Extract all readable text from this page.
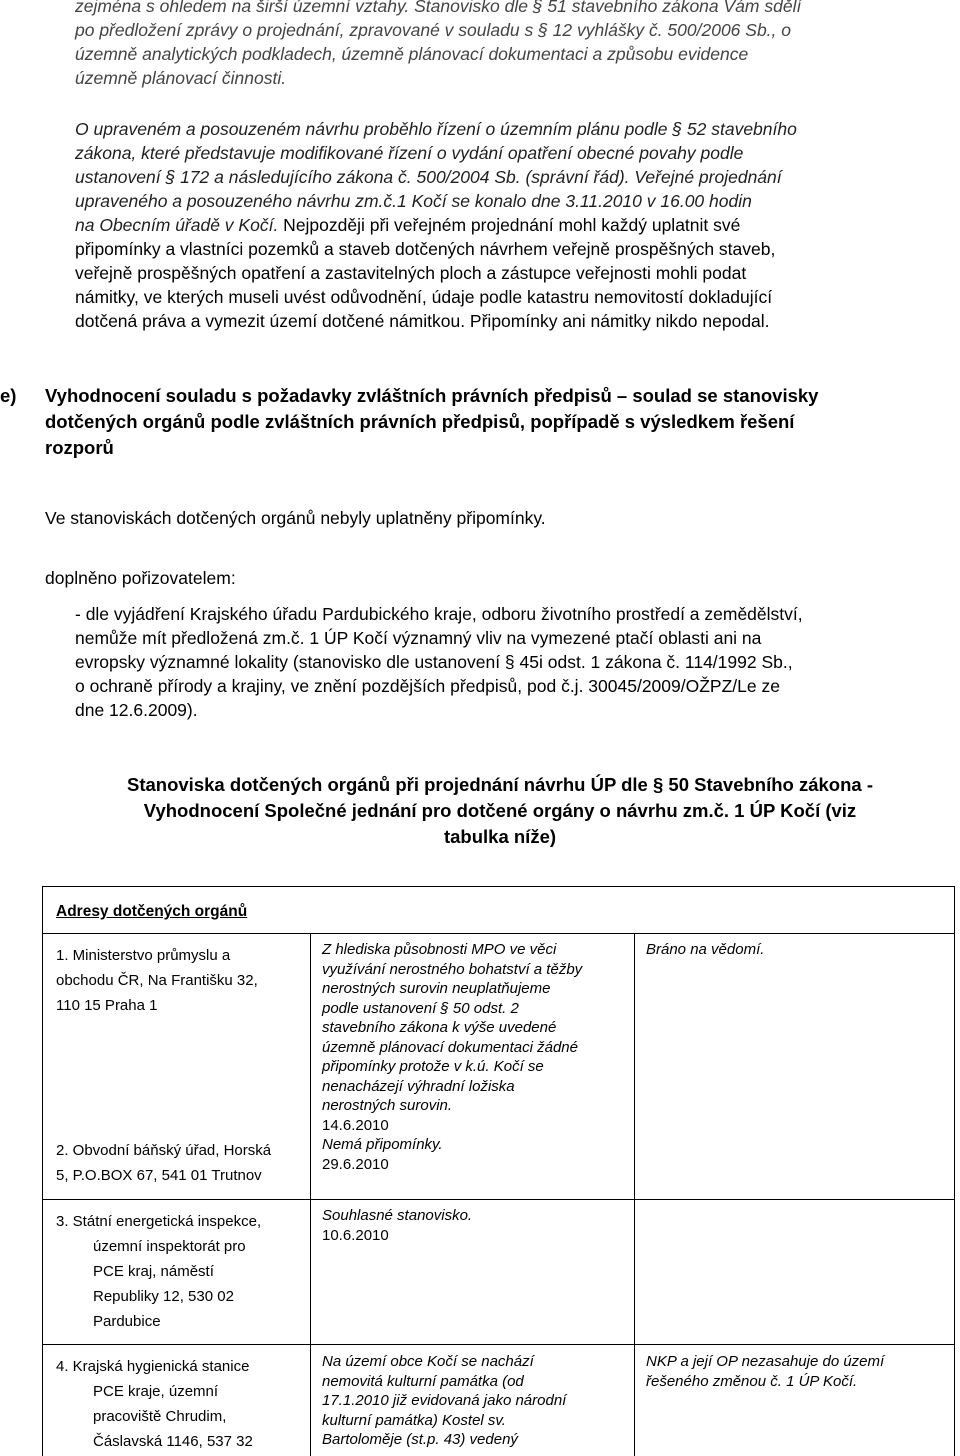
zejména s ohledem na širší územní vztahy. Stanovisko dle § 51 stavebního zákona Vám sdělí
po předložení zprávy o projednání, zpravované v souladu s § 12 vyhlášky č. 500/2006 Sb., o
územně analytických podkladech, územně plánovací dokumentaci a způsobu evidence
územně plánovací činnosti.
O upraveném a posouzeném návrhu proběhlo řízení o územním plánu podle § 52 stavebního
zákona, které představuje modifikované řízení o vydání opatření obecné povahy podle
ustanovení § 172 a následujícího zákona č. 500/2004 Sb. (správní řád). Veřejné projednání
upraveného a posouzeného návrhu zm.č.1 Kočí se konalo dne 3.11.2010 v 16.00 hodin
na Obecním úřadě v Kočí. Nejpozději při veřejném projednání mohl každý uplatnit své
připomínky a vlastníci pozemků a staveb dotčených návrhem veřejně prospěšných staveb,
veřejně prospěšných opatření a zastavitelných ploch a zástupce veřejnosti mohli podat
námitky, ve kterých museli uvést odůvodnění, údaje podle katastru nemovitostí dokladující
dotčená práva a vymezit území dotčené námitkou. Připomínky ani námitky nikdo nepodal.
e) Vyhodnocení souladu s požadavky zvláštních právních předpisů – soulad se stanovisky
dotčených orgánů podle zvláštních právních předpisů, popřípadě s výsledkem řešení
rozporů
Ve stanoviskách dotčených orgánů nebyly uplatněny připomínky.
doplněno pořizovatelem:
- dle vyjádření Krajského úřadu Pardubického kraje, odboru životního prostředí a zemědělství,
nemůže mít předložená zm.č. 1 ÚP Kočí významný vliv na vymezené ptačí oblasti ani na
evropsky významné lokality (stanovisko dle ustanovení § 45i odst. 1 zákona č. 114/1992 Sb.,
o ochraně přírody a krajiny, ve znění pozdějších předpisů, pod č.j. 30045/2009/OŽPZ/Le ze
dne 12.6.2009).
Stanoviska dotčených orgánů při projednání návrhu ÚP dle § 50 Stavebního zákona -
Vyhodnocení Společné jednání pro dotčené orgány o návrhu zm.č. 1 ÚP Kočí (viz
tabulka níže)
Adresy dotčených orgánů
1. Ministerstvo průmyslu a
obchodu ČR, Na Františku 32,
110 15 Praha 1
Z hlediska působnosti MPO ve věci
využívání nerostného bohatství a těžby
nerostných surovin neuplatňujeme
podle ustanovení § 50 odst. 2
stavebního zákona k výše uvedené
územně plánovací dokumentaci žádné
připomínky protože v k.ú. Kočí se
nenacházejí výhradní ložiska
nerostných surovin.
14.6.2010
Bráno na vědomí.
2. Obvodní báňský úřad, Horská
5, P.O.BOX 67, 541 01 Trutnov
Nemá připomínky.
29.6.2010
3. Státní energetická inspekce,
územní inspektorát pro
PCE kraj, náměstí
Republiky 12, 530 02
Pardubice
Souhlasné stanovisko.
10.6.2010
4. Krajská hygienická stanice
PCE kraje, územní
pracoviště Chrudim,
Čáslavská 1146, 537 32
Na území obce Kočí se nachází
nemovitá kulturní památka (od
17.1.2010 již evidovaná jako národní
kulturní památka) Kostel sv.
Bartoloměje (st.p. 43) vedený
NKP a její OP nezasahuje do území
řešeného změnou č. 1 ÚP Kočí.
